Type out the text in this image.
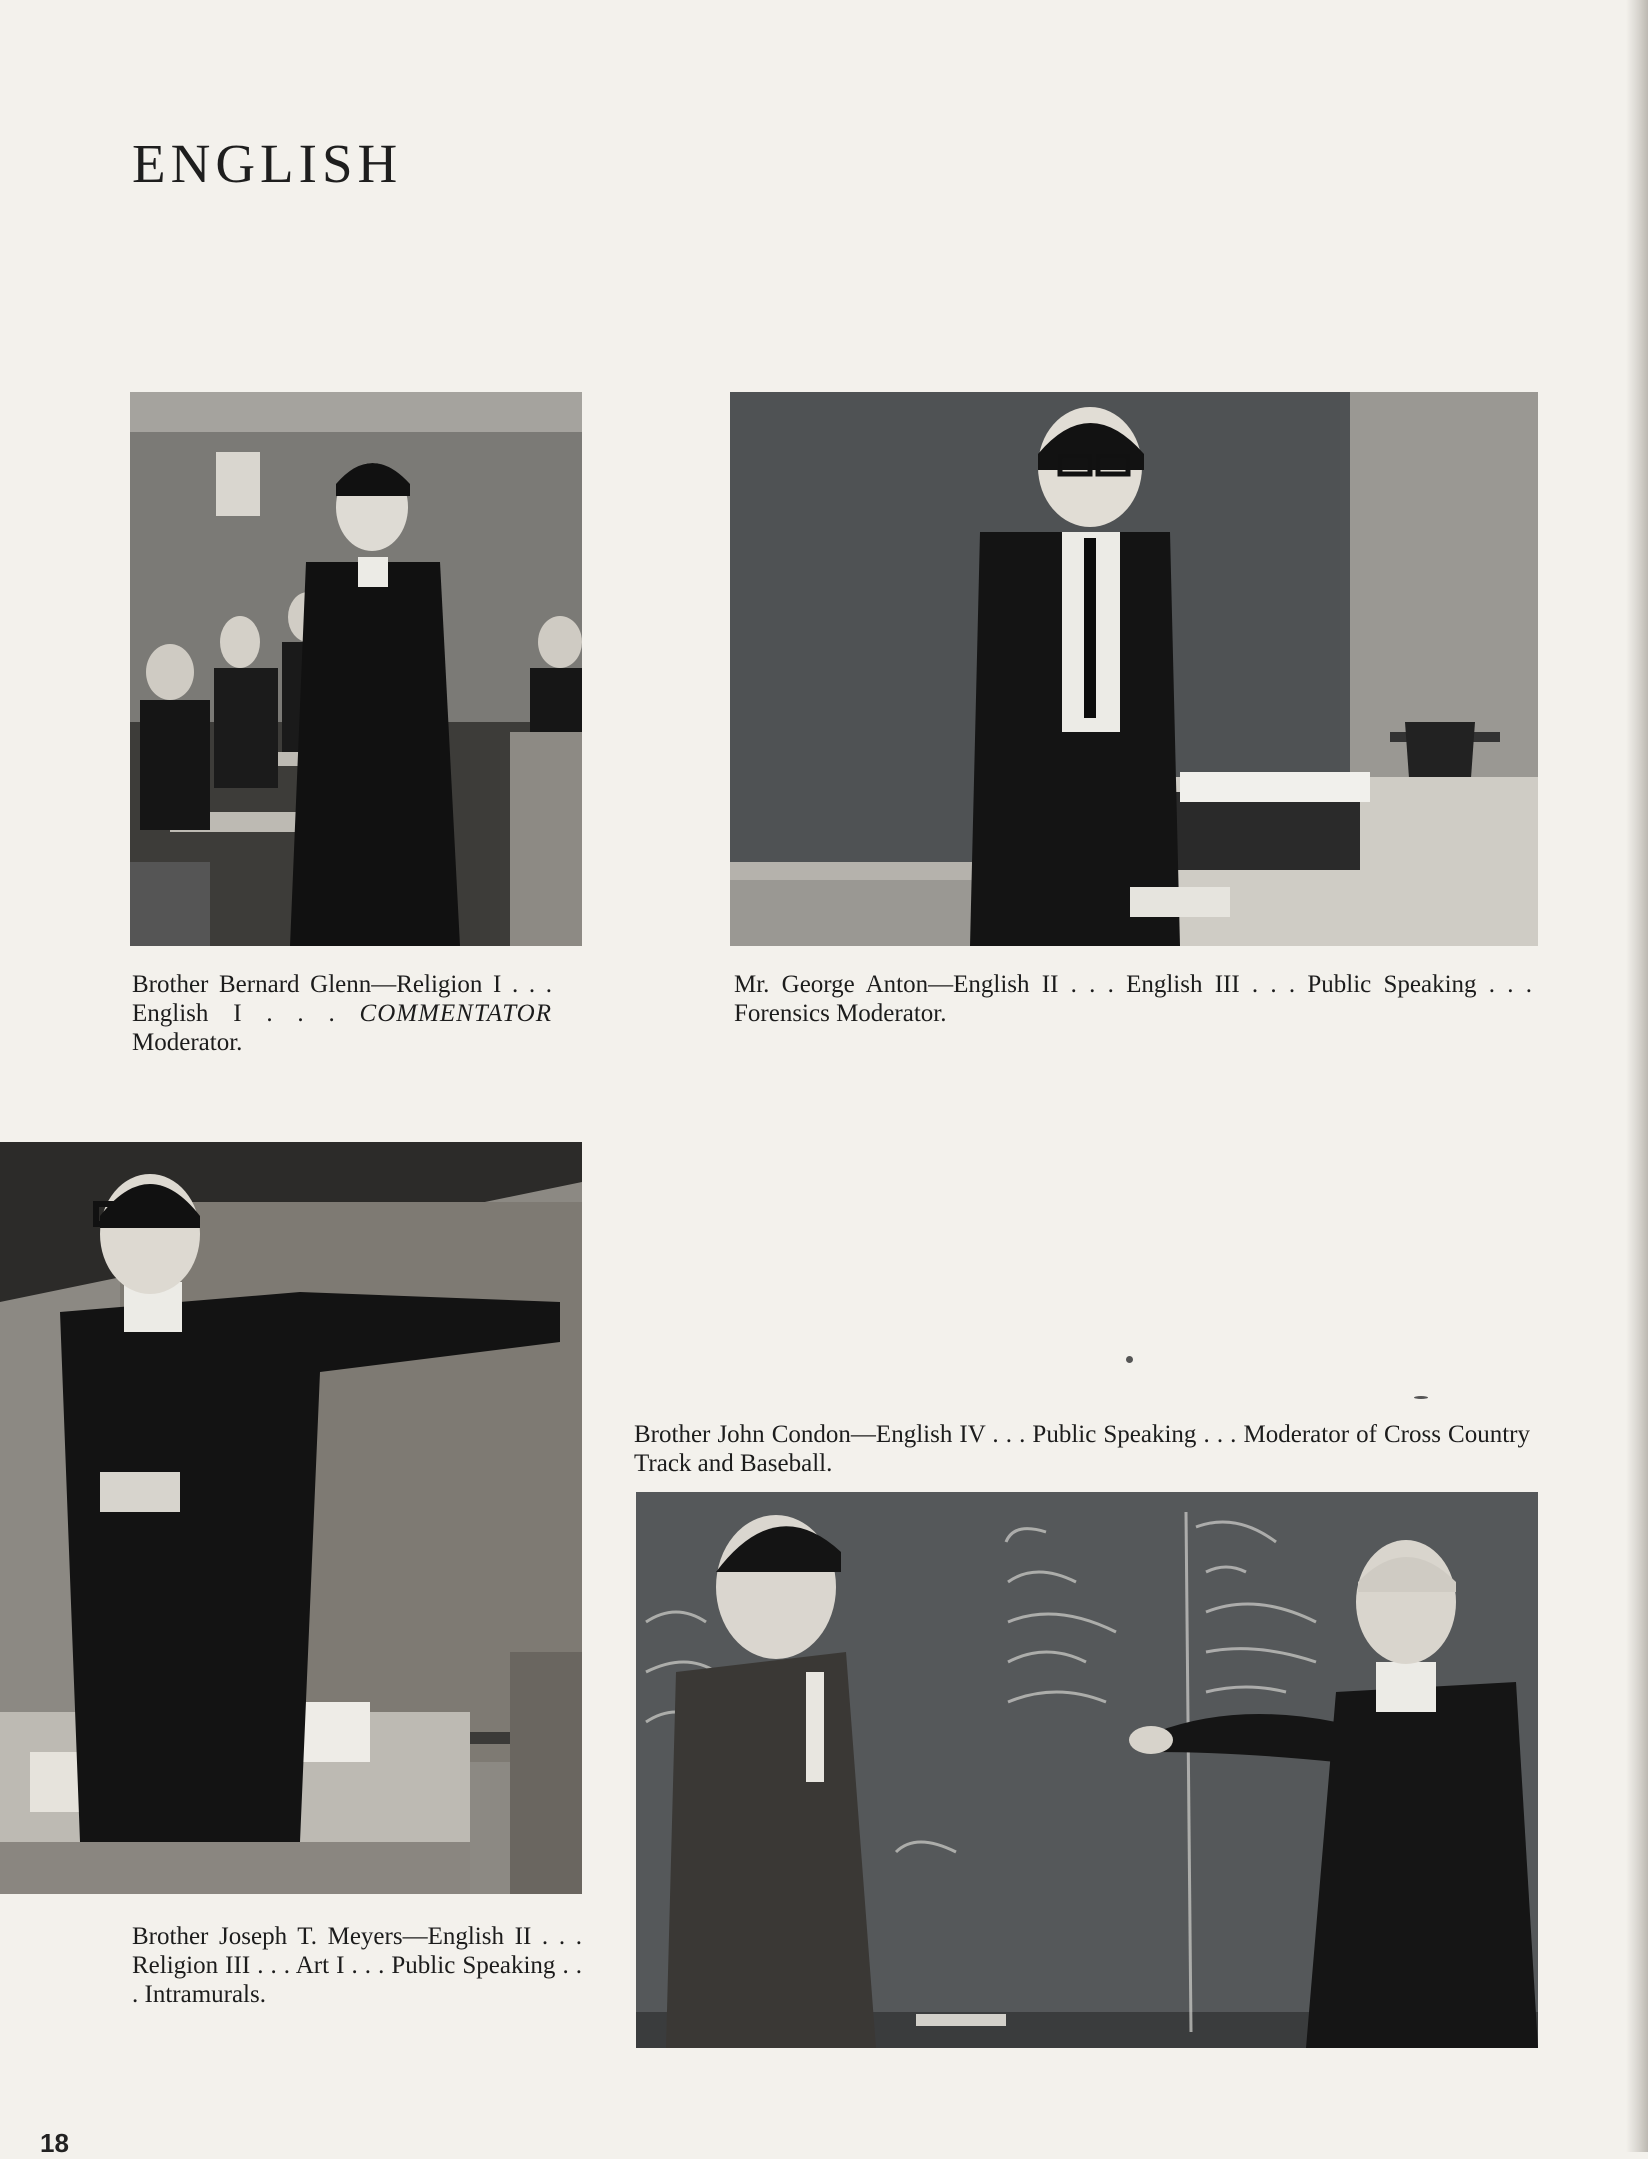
ENGLISH

Brother Bernard Glenn—Religion I . . . English I . . . COMMENTATOR Moderator.

Mr. George Anton—English II . . . English III . . . Public Speaking . . . Forensics Moderator.

Brother Joseph T. Meyers—English II . . . Religion III . . . Art I . . . Public Speaking . . . Intramurals.

Brother John Condon—English IV . . . Public Speaking . . . Moderator of Cross Country Track and Baseball.

18
